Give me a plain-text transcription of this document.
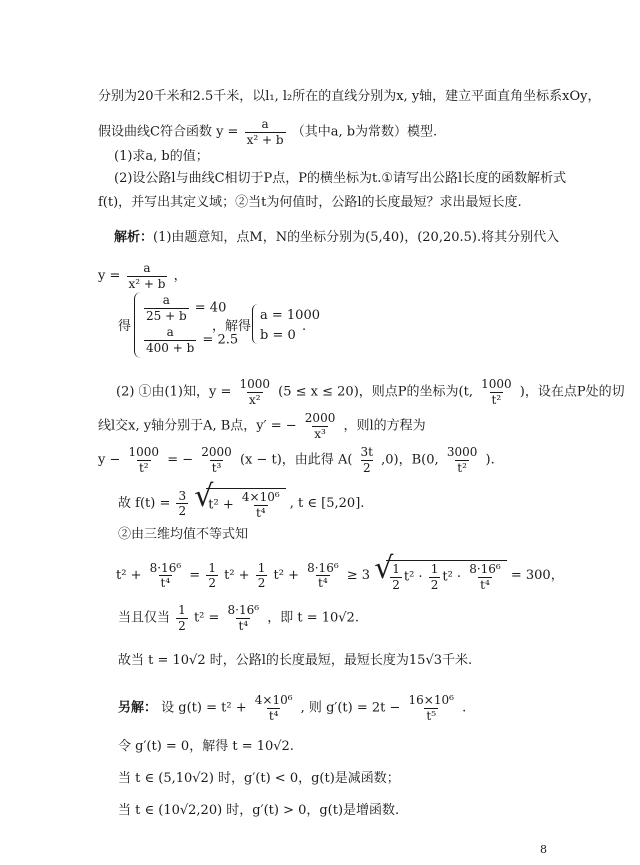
分别为20千米和2.5千米，以l₁, l₂所在的直线分别为x, y轴，建立平面直角坐标系xOy，
假设曲线C符合函数 $y = \frac{a}{\text{x² + b}}$ （其中a, b为常数）模型.
(1)求a, b的值；
(2)设公路l与曲线C相切于P点，P的横坐标为t.①请写出公路l长度的函数解析式
f(t)，并写出其定义域；②当t为何值时，公路l的长度最短？求出最短长度.
解析：(1)由题意知，点M，N的坐标分别为(5,40)，(20,20.5).将其分别代入
$y = \frac{a}{\text{x² + b}}$ ，
得
$\frac{a}{25 + b} = 40$
$\frac{a}{400 + b} = 2.5$
，解得
a = 1000
b = 0
.
(2) ①由(1)知，$y = \frac{1000}{\text{x²}} (5 \le x \le 20)$，则点P的坐标为(t, $\frac{1000}{\text{t²}}$ )，设在点P处的切
线l交x, y轴分别于A, B点，y′ = − $\frac{2000}{\text{x³}}$ ，则l的方程为
$y - \frac{1000}{\text{t²}}$ = − $\frac{2000}{\text{t³}} (x - t)$，由此得 $A( \frac{3t}{2} ,0)$，B(0, $\frac{3000}{\text{t²}}$ ).
故 $f(t) = \frac{3}{2}$ √ $t^2 + \frac{\text{4×10⁶}}{\text{t⁴}}$ , t ∈ [5,20].
②由三维均值不等式知
$t^2 + \frac{\text{8·16⁶}}{\text{t⁴}} = \frac{1}{2} t^2 + \frac{1}{2} t^2 + \frac{\text{8·16⁶}}{\text{t⁴}} \ge 3$ √ $\frac{1}{2} t^2 \cdot \frac{1}{2} t^2 \cdot \frac{\text{8·16⁶}}{\text{t⁴}} = 300$，
当且仅当 $\frac{1}{2} t^2 = \frac{\text{8·16⁶}}{\text{t⁴}}$ ，即 t = 10√2.
故当 t = 10√2 时，公路l的长度最短，最短长度为15√3千米.
另解： 设 $g(t) = t^2 + \frac{\text{4×10⁶}}{\text{t⁴}}$ , 则 $g'(t) = 2t - \frac{\text{16×10⁶}}{\text{t⁵}}$ .
令 g′(t) = 0，解得 t = 10√2.
当 t ∈ (5,10√2) 时，g′(t) < 0，g(t)是减函数；
当 t ∈ (10√2,20) 时，g′(t) > 0，g(t)是增函数.
8
